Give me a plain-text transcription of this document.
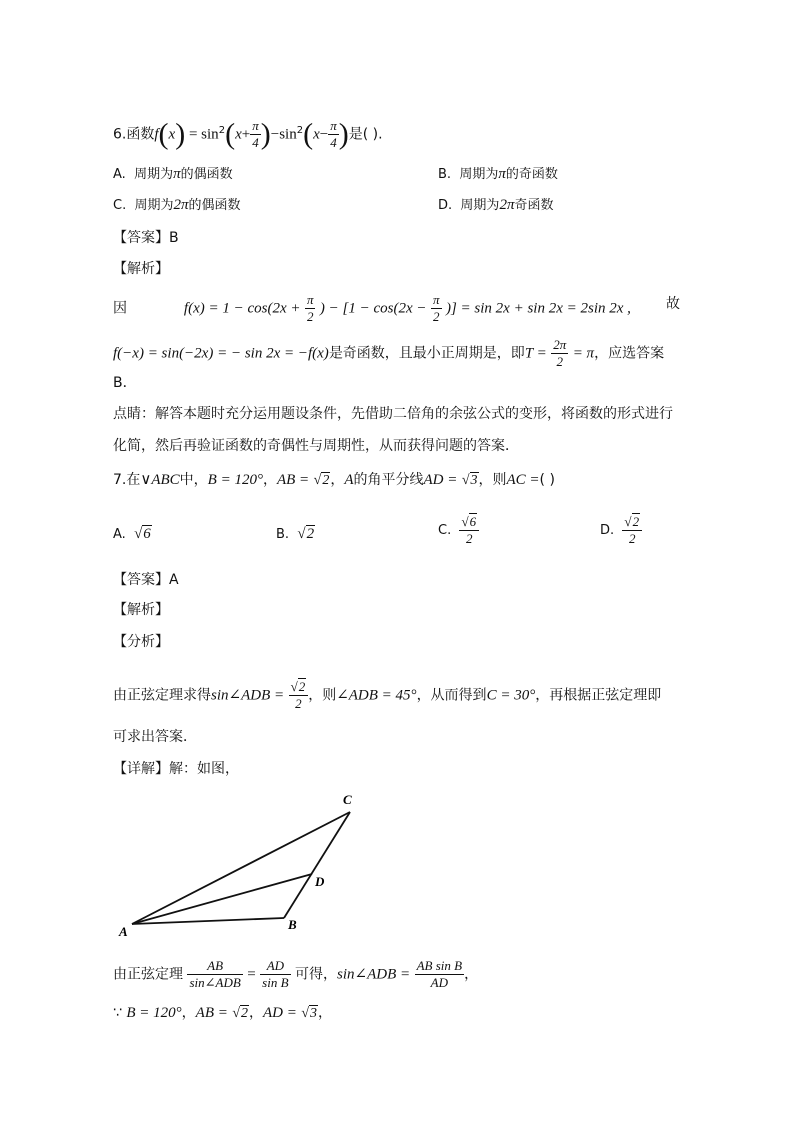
6.函数$f(x) = \sin^2(x+ \frac{\pi}{4} )-\sin^2(x- \frac{\pi}{4}$ )是( ).
A. 周期为π的偶函数	B. 周期为π的奇函数
C. 周期为2π的偶函数	D. 周期为2π奇函数
【答案】B
【解析】
因	$f(x) = 1 - \cos(2x + \frac{\pi}{2}$ ) − [$1 - \cos(2x - \frac{\pi}{2}$ )] = sin 2x + sin 2x = 2sin 2x ,	故
f(−x) = sin(−2x) = − sin 2x = −f(x)是奇函数，且最小正周期是，即$T = \frac{2\pi}{2} = \pi$，应选答案
B．
点睛：解答本题时充分运用题设条件，先借助二倍角的余弦公式的变形，将函数的形式进行
化简，然后再验证函数的奇偶性与周期性，从而获得问题的答案．
7.在∨ABC中，B = 120°，AB = √2，A的角平分线AD = √3，则AC =( )
A. √6	B. √2	C. $\frac{√6}{2}$	D. $\frac{√2}{2}$
【答案】A
【解析】
【分析】
由正弦定理求得sin∠ADB = $\frac{√2}{2}$ ，则∠ADB = 45°，从而得到C = 30°，再根据正弦定理即
可求出答案．
【详解】解：如图，
A	B
C
D
由正弦定理 $\frac{AB}{\text{sin∠ADB}} = \frac{AD}{\text{sin B}}$ 可得，sin∠ADB = $\frac{\text{AB sin B}}{AD}$ ，
∵ B = 120°，AB = √2，AD = √3，
